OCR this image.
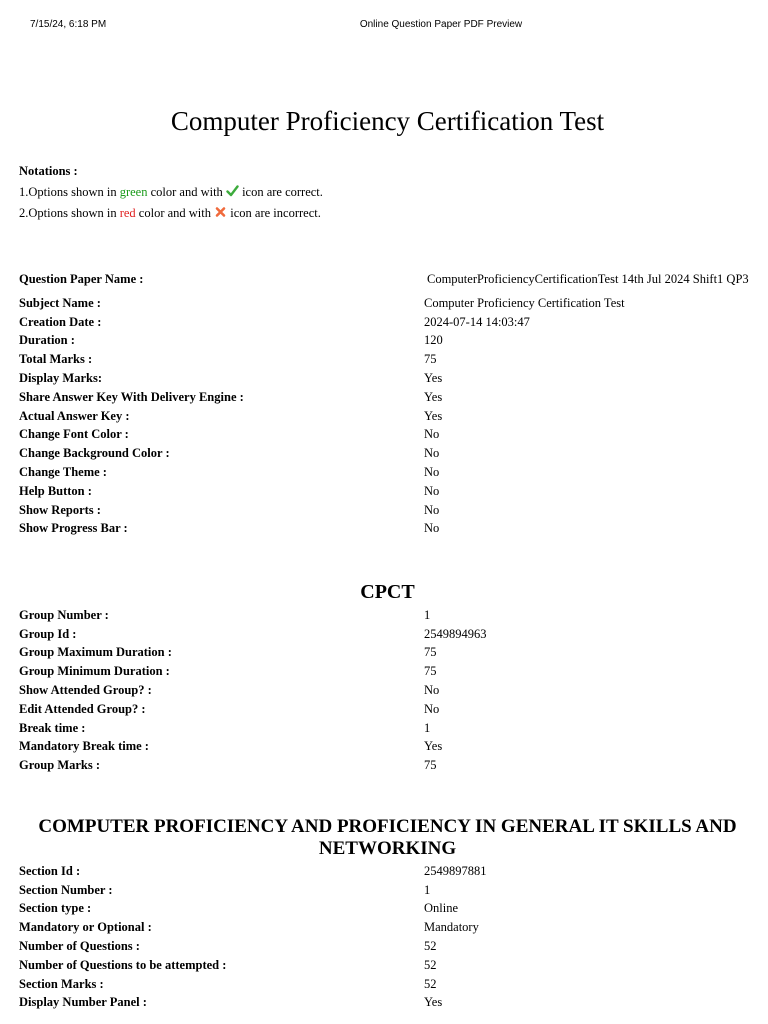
7/15/24, 6:18 PM	Online Question Paper PDF Preview
Computer Proficiency Certification Test
Notations :
1.Options shown in green color and with
icon are correct.
2.Options shown in red color and with
icon are incorrect.
Question Paper Name :	ComputerProficiencyCertificationTest 14th Jul 2024 Shift1 QP3
Subject Name :	Computer Proficiency Certification Test
Creation Date :	2024-07-14 14:03:47
Duration :	120
Total Marks :	75
Display Marks:	Yes
Share Answer Key With Delivery Engine :	Yes
Actual Answer Key :	Yes
Change Font Color :	No
Change Background Color :	No
Change Theme :	No
Help Button :	No
Show Reports :	No
Show Progress Bar :	No
CPCT
Group Number :	1
Group Id :	2549894963
Group Maximum Duration :	75
Group Minimum Duration :	75
Show Attended Group? :	No
Edit Attended Group? :	No
Break time :	1
Mandatory Break time :	Yes
Group Marks :	75
COMPUTER PROFICIENCY AND PROFICIENCY IN GENERAL IT SKILLS AND NETWORKING
Section Id :	2549897881
Section Number :	1
Section type :	Online
Mandatory or Optional :	Mandatory
Number of Questions :	52
Number of Questions to be attempted :	52
Section Marks :	52
Display Number Panel :	Yes
